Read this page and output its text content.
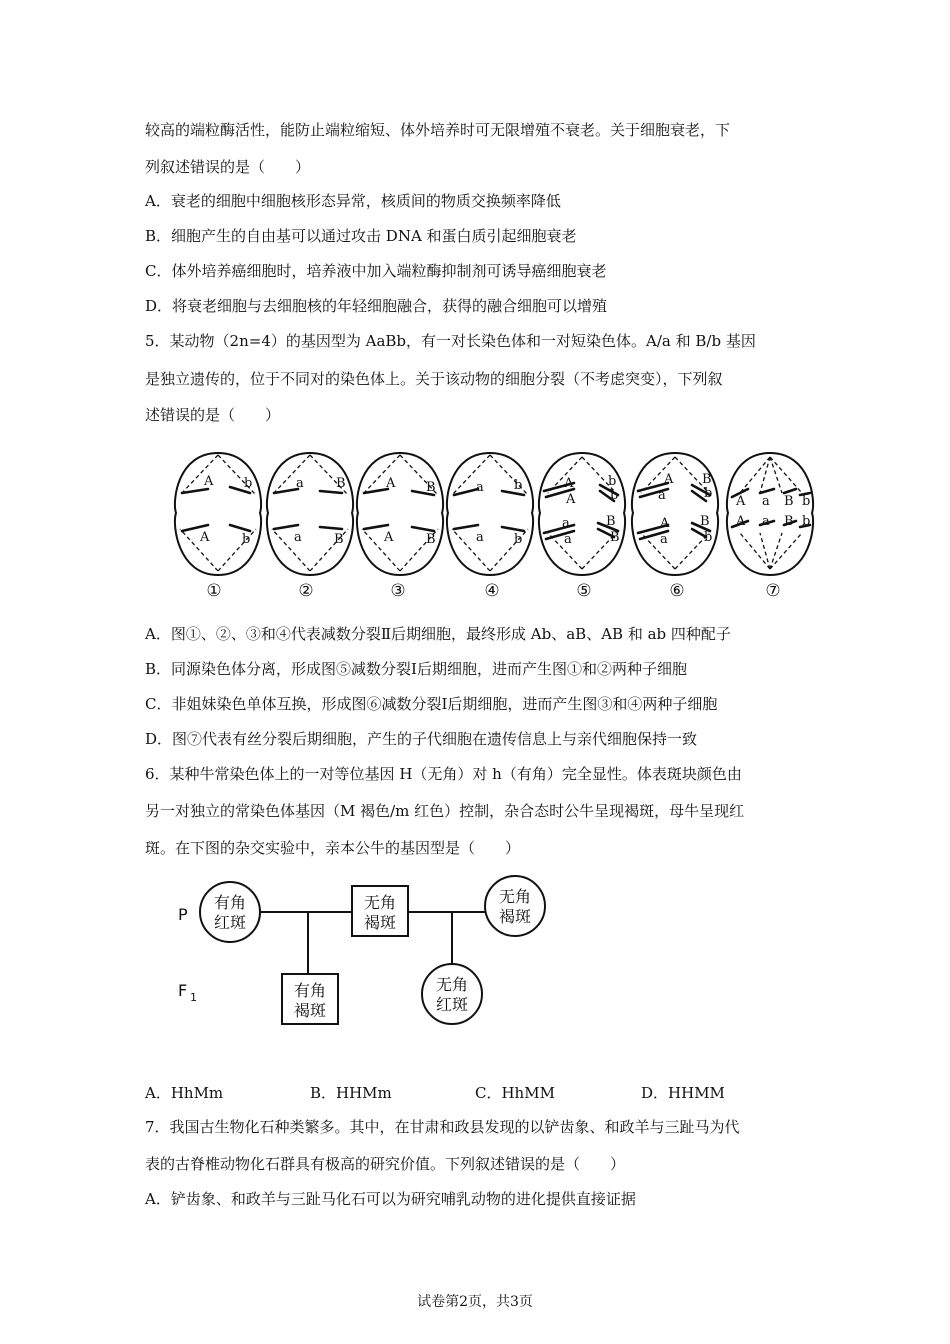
较高的端粒酶活性，能防止端粒缩短、体外培养时可无限增殖不衰老。关于细胞衰老，下
列叙述错误的是（　　）
A．衰老的细胞中细胞核形态异常，核质间的物质交换频率降低
B．细胞产生的自由基可以通过攻击 DNA 和蛋白质引起细胞衰老
C．体外培养癌细胞时，培养液中加入端粒酶抑制剂可诱导癌细胞衰老
D．将衰老细胞与去细胞核的年轻细胞融合，获得的融合细胞可以增殖
5．某动物（2n=4）的基因型为 AaBb，有一对长染色体和一对短染色体。A/a 和 B/b 基因
是独立遗传的，位于不同对的染色体上。关于该动物的细胞分裂（不考虑突变），下列叙
述错误的是（　　）
A b
A	b
a B
a B
A B
A	B
a b
a b
A
A
b
b
a
a
B
B
A
a
B
b
A
a
B
b
A a B b
A a B b
①	②	③	④	⑤	⑥	⑦
A．图①、②、③和④代表减数分裂Ⅱ后期细胞，最终形成 Ab、aB、AB 和 ab 四种配子
B．同源染色体分离，形成图⑤减数分裂Ⅰ后期细胞，进而产生图①和②两种子细胞
C．非姐妹染色单体互换，形成图⑥减数分裂Ⅰ后期细胞，进而产生图③和④两种子细胞
D．图⑦代表有丝分裂后期细胞，产生的子代细胞在遗传信息上与亲代细胞保持一致
6．某种牛常染色体上的一对等位基因 H（无角）对 h（有角）完全显性。体表斑块颜色由
另一对独立的常染色体基因（M 褐色/m 红色）控制，杂合态时公牛呈现褐斑，母牛呈现红
斑。在下图的杂交实验中，亲本公牛的基因型是（　　）
有角
红斑
无角
褐斑
无角
褐斑
有角
褐斑
无角
红斑
P
F 1
A．HhMm	B．HHMm	C．HhMM	D．HHMM
7．我国古生物化石种类繁多。其中，在甘肃和政县发现的以铲齿象、和政羊与三趾马为代
表的古脊椎动物化石群具有极高的研究价值。下列叙述错误的是（　　）
A．铲齿象、和政羊与三趾马化石可以为研究哺乳动物的进化提供直接证据
试卷第2页，共3页
